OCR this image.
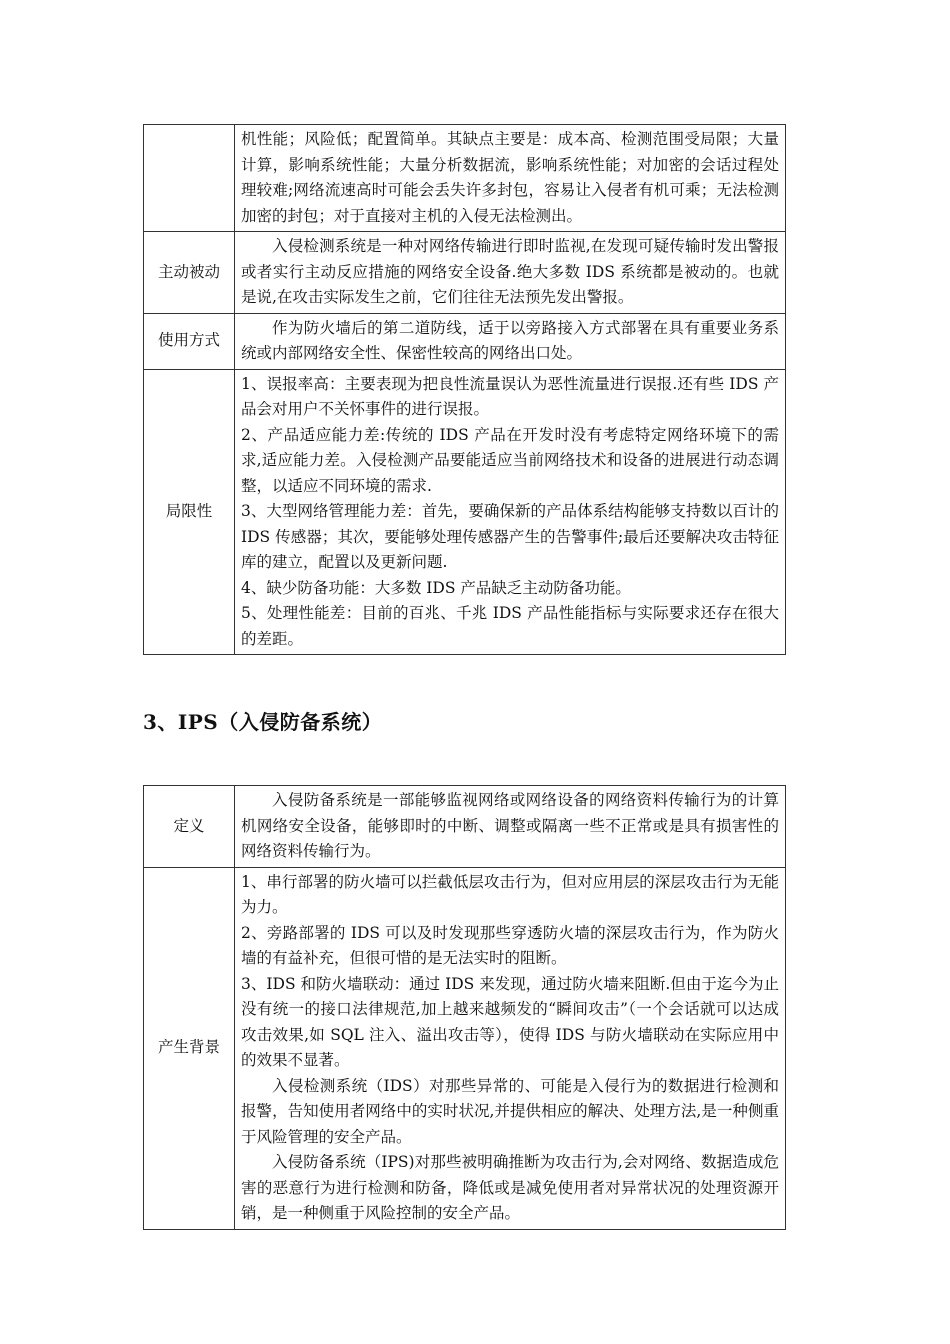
	机性能；风险低；配置简单。其缺点主要是：成本高、检测范围受局限；大量计算，影响系统性能；大量分析数据流，影响系统性能；对加密的会话过程处理较难;网络流速高时可能会丢失许多封包，容易让入侵者有机可乘；无法检测加密的封包；对于直接对主机的入侵无法检测出。

主动被动	入侵检测系统是一种对网络传输进行即时监视,在发现可疑传输时发出警报或者实行主动反应措施的网络安全设备.绝大多数 IDS 系统都是被动的。也就是说,在攻击实际发生之前，它们往往无法预先发出警报。

使用方式	作为防火墙后的第二道防线，适于以旁路接入方式部署在具有重要业务系统或内部网络安全性、保密性较高的网络出口处。

局限性	1、误报率高：主要表现为把良性流量误认为恶性流量进行误报.还有些 IDS 产品会对用户不关怀事件的进行误报。

2、产品适应能力差:传统的 IDS 产品在开发时没有考虑特定网络环境下的需求,适应能力差。入侵检测产品要能适应当前网络技术和设备的进展进行动态调整，以适应不同环境的需求.

3、大型网络管理能力差：首先，要确保新的产品体系结构能够支持数以百计的 IDS 传感器；其次，要能够处理传感器产生的告警事件;最后还要解决攻击特征库的建立，配置以及更新问题.

4、缺少防备功能：大多数 IDS 产品缺乏主动防备功能。

5、处理性能差：目前的百兆、千兆 IDS 产品性能指标与实际要求还存在很大的差距。

3、IPS（入侵防备系统）
定义	入侵防备系统是一部能够监视网络或网络设备的网络资料传输行为的计算机网络安全设备，能够即时的中断、调整或隔离一些不正常或是具有损害性的网络资料传输行为。

产生背景	1、串行部署的防火墙可以拦截低层攻击行为，但对应用层的深层攻击行为无能为力。

2、旁路部署的 IDS 可以及时发现那些穿透防火墙的深层攻击行为，作为防火墙的有益补充，但很可惜的是无法实时的阻断。

3、IDS 和防火墙联动：通过 IDS 来发现，通过防火墙来阻断.但由于迄今为止没有统一的接口法律规范,加上越来越频发的“瞬间攻击”（一个会话就可以达成攻击效果,如 SQL 注入、溢出攻击等），使得 IDS 与防火墙联动在实际应用中的效果不显著。

入侵检测系统（IDS）对那些异常的、可能是入侵行为的数据进行检测和报警，告知使用者网络中的实时状况,并提供相应的解决、处理方法,是一种侧重于风险管理的安全产品。

入侵防备系统（IPS)对那些被明确推断为攻击行为,会对网络、数据造成危害的恶意行为进行检测和防备，降低或是减免使用者对异常状况的处理资源开销，是一种侧重于风险控制的安全产品。
